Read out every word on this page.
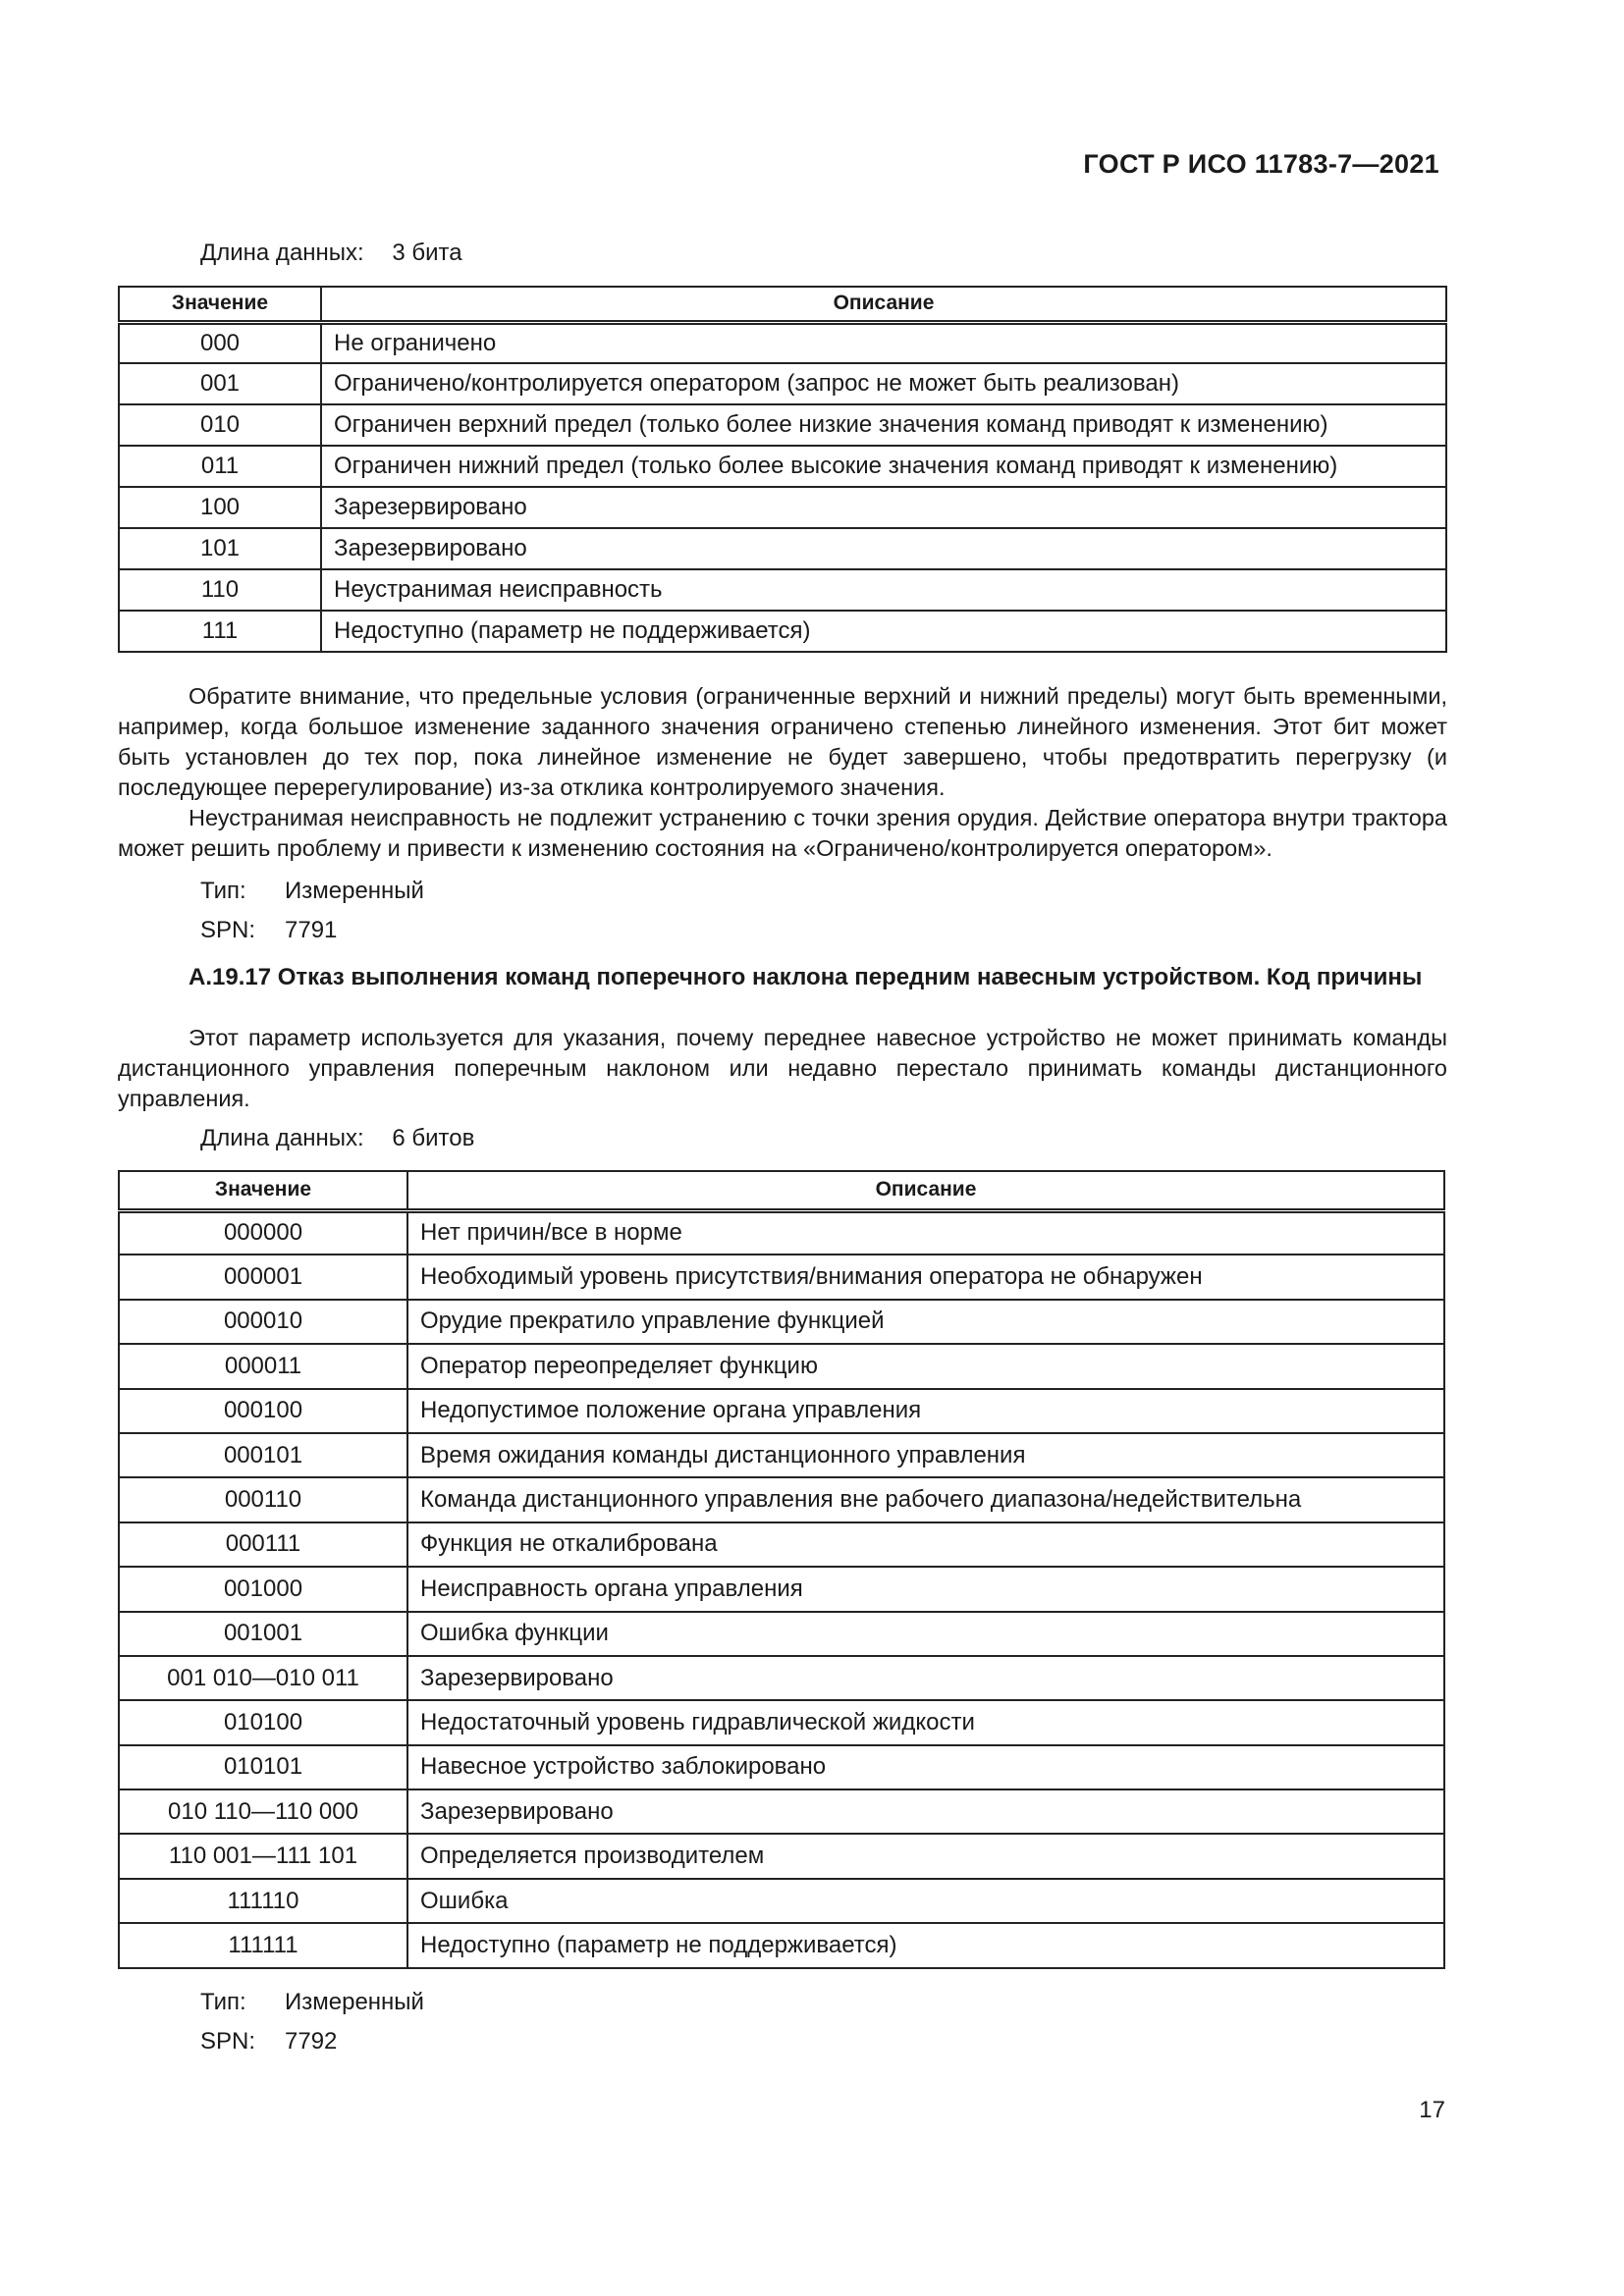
ГОСТ Р ИСО 11783-7—2021
Длина данных: 3 бита
Значение	Описание
000	Не ограничено
001	Ограничено/контролируется оператором (запрос не может быть реализован)
010	Ограничен верхний предел (только более низкие значения команд приводят к изменению)
011	Ограничен нижний предел (только более высокие значения команд приводят к изменению)
100	Зарезервировано
101	Зарезервировано
110	Неустранимая неисправность
111	Недоступно (параметр не поддерживается)

Обратите внимание, что предельные условия (ограниченные верхний и нижний пределы) могут быть временными, например, когда большое изменение заданного значения ограничено степенью линейного изменения. Этот бит может быть установлен до тех пор, пока линейное изменение не будет завершено, чтобы предотвратить перегрузку (и последующее перерегулирование) из-за отклика контролируемого значения.

Неустранимая неисправность не подлежит устранению с точки зрения орудия. Действие оператора внутри трактора может решить проблему и привести к изменению состояния на «Ограничено/контролируется оператором».

Тип: Измеренный
SPN: 7791

А.19.17 Отказ выполнения команд поперечного наклона передним навесным устройством. Код причины

Этот параметр используется для указания, почему переднее навесное устройство не может принимать команды дистанционного управления поперечным наклоном или недавно перестало принимать команды дистанционного управления.

Длина данных: 6 битов
Значение	Описание
000000	Нет причин/все в норме
000001	Необходимый уровень присутствия/внимания оператора не обнаружен
000010	Орудие прекратило управление функцией
000011	Оператор переопределяет функцию
000100	Недопустимое положение органа управления
000101	Время ожидания команды дистанционного управления
000110	Команда дистанционного управления вне рабочего диапазона/недействительна
000111	Функция не откалибрована
001000	Неисправность органа управления
001001	Ошибка функции
001 010—010 011	Зарезервировано
010100	Недостаточный уровень гидравлической жидкости
010101	Навесное устройство заблокировано
010 110—110 000	Зарезервировано
110 001—111 101	Определяется производителем
111110	Ошибка
111111	Недоступно (параметр не поддерживается)
Тип: Измеренный
SPN: 7792
17
